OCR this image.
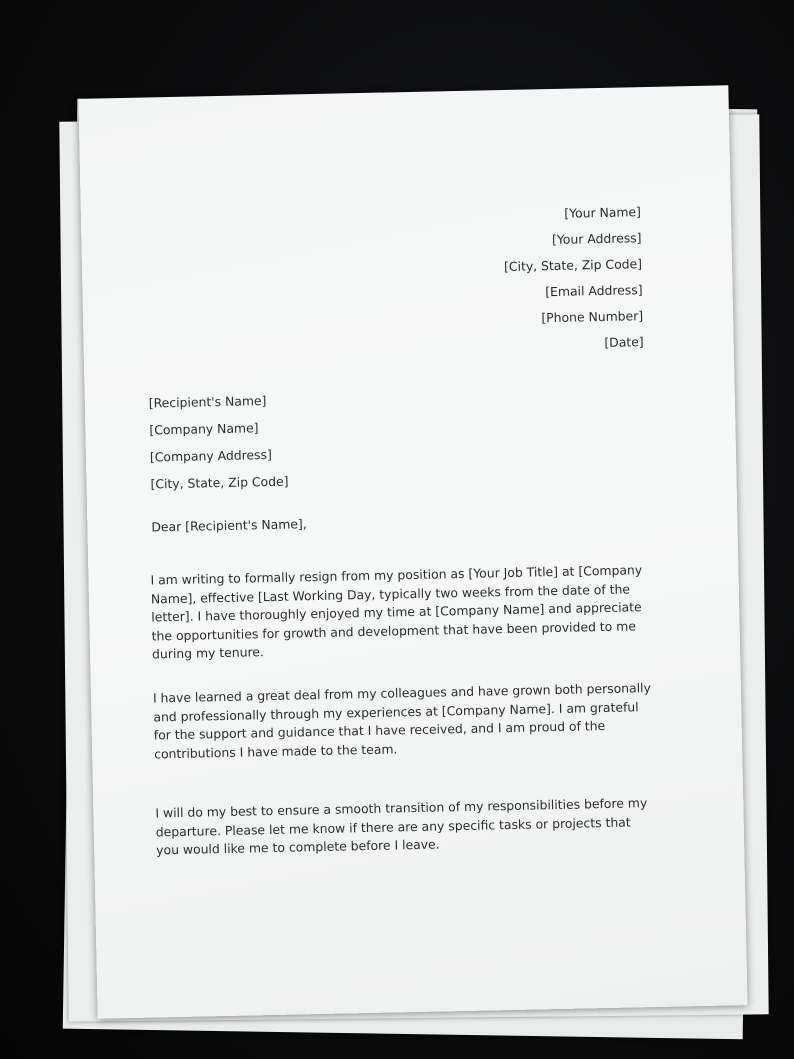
[Your Name]
[Your Address]
[City, State, Zip Code]
[Email Address]
[Phone Number]
[Date]
[Recipient's Name]
[Company Name]
[Company Address]
[City, State, Zip Code]
Dear [Recipient's Name],
I am writing to formally resign from my position as [Your Job Title] at [Company Name], effective [Last Working Day, typically two weeks from the date of the letter]. I have thoroughly enjoyed my time at [Company Name] and appreciate the opportunities for growth and development that have been provided to me during my tenure.
I have learned a great deal from my colleagues and have grown both personally and professionally through my experiences at [Company Name]. I am grateful for the support and guidance that I have received, and I am proud of the contributions I have made to the team.
I will do my best to ensure a smooth transition of my responsibilities before my departure. Please let me know if there are any specific tasks or projects that you would like me to complete before I leave.
